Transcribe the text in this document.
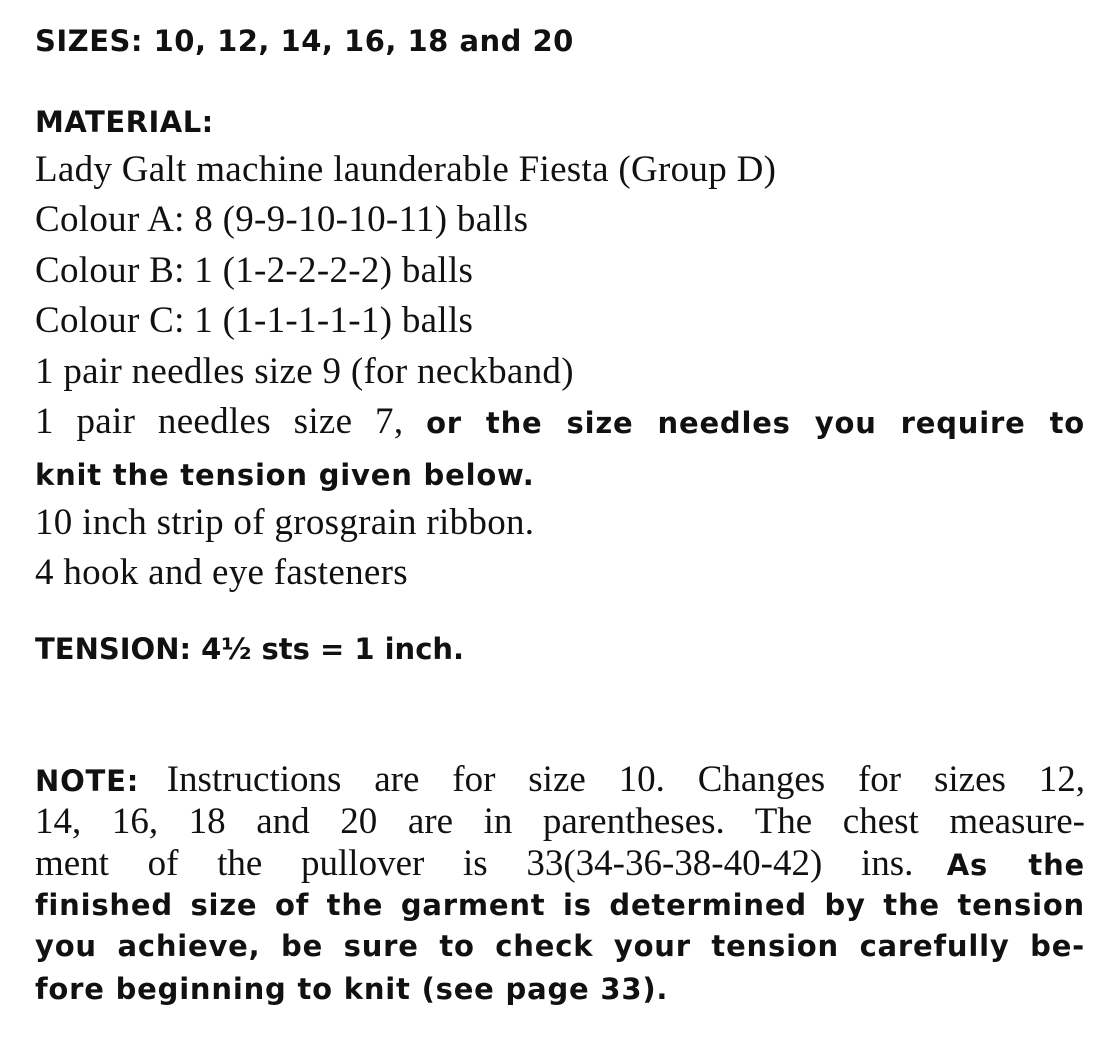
SIZES: 10, 12, 14, 16, 18 and 20
MATERIAL:
Lady Galt machine launderable Fiesta (Group D)
Colour A: 8 (9-9-10-10-11) balls
Colour B: 1 (1-2-2-2-2) balls
Colour C: 1 (1-1-1-1-1) balls
1 pair needles size 9 (for neckband)
1 pair needles size 7, or the size needles you require to
knit the tension given below.
10 inch strip of grosgrain ribbon.
4 hook and eye fasteners
TENSION: 4½ sts = 1 inch.
NOTE: Instructions are for size 10. Changes for sizes 12,
14, 16, 18 and 20 are in parentheses. The chest measure-
ment of the pullover is 33(34-36-38-40-42) ins. As the
finished size of the garment is determined by the tension
you achieve, be sure to check your tension carefully be-
fore beginning to knit (see page 33).
